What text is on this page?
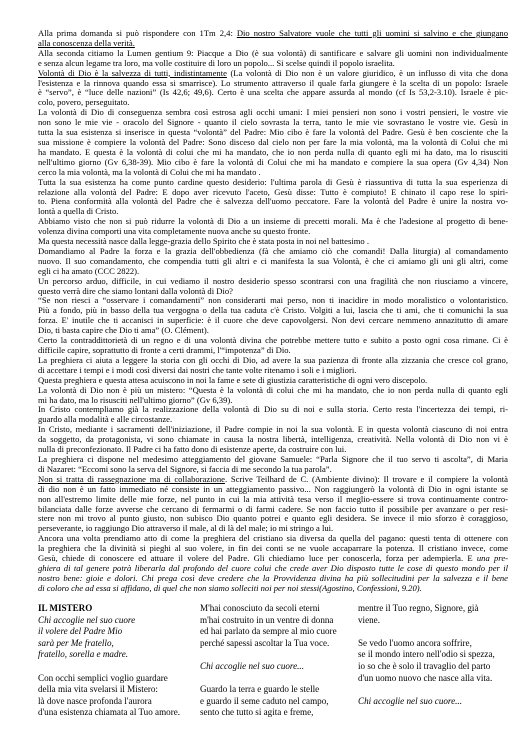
Alla prima domanda si può rispondere con 1Tm 2,4: Dio nostro Salvatore vuole che tutti gli uomini si salvino e che giungano
alla conoscenza della verità.
Alla seconda citiamo la Lumen gentium 9: Piacque a Dio (è sua volontà) di santificare e salvare gli uomini non individualmente
e senza alcun legame tra loro, ma volle costituire di loro un popolo... Si scelse quindi il popolo israelita.
Volontà di Dio è la salvezza di tutti, indistintamente (La volontà di Dio non è un valore giuridico, è un influsso di vita che dona
l'esistenza e la rinnova quando essa si smarrisce). Lo strumento attraverso il quale farla giungere è la scelta di un popolo: Israele
è “servo”, è “luce delle nazioni” (Is 42,6; 49,6). Certo è una scelta che appare assurda al mondo (cf Is 53,2-3.10). Israele è pic-
colo, povero, perseguitato.
La volontà di Dio di conseguenza sembra così estrosa agli occhi umani: I miei pensieri non sono i vostri pensieri, le vostre vie
non sono le mie vie - oracolo del Signore - quanto il cielo sovrasta la terra, tanto le mie vie sovrastano le vostre vie. Gesù in
tutta la sua esistenza si inserisce in questa “volontà” del Padre: Mio cibo è fare la volontà del Padre. Gesù è ben cosciente che la
sua missione è compiere la volontà del Padre: Sono disceso dal cielo non per fare la mia volontà, ma la volontà di Colui che mi
ha mandato. E questa è la volontà di colui che mi ha mandato, che io non perda nulla di quanto egli mi ha dato, ma lo risusciti
nell'ultimo giorno (Gv 6,38-39). Mio cibo è fare la volontà di Colui che mi ha mandato e compiere la sua opera (Gv 4,34) Non
cerco la mia volontà, ma la volontà di Colui che mi ha mandato .
Tutta la sua esistenza ha come punto cardine questo desiderio: l'ultima parola di Gesù è riassuntiva di tutta la sua esperienza di
relazione alla volontà del Padre: E dopo aver ricevuto l'aceto, Gesù disse: Tutto è compiuto! E chinato il capo rese lo spiri-
to. Piena conformità alla volontà del Padre che è salvezza dell'uomo peccatore. Fare la volontà del Padre è unire la nostra vo-
lontà a quella di Cristo.
Abbiamo visto che non si può ridurre la volontà di Dio a un insieme di precetti morali. Ma è che l'adesione al progetto di bene-
volenza divina comporti una vita completamente nuova anche su questo fronte.
Ma questa necessità nasce dalla legge-grazia dello Spirito che è stata posta in noi nel battesimo .
Domandiamo al Padre la forza e la grazia dell'obbedienza (fà che amiamo ciò che comandi! Dalla liturgia) al comandamento
nuovo. Il suo comandamento, che compendia tutti gli altri e ci manifesta la sua Volontà, è che ci amiamo gli uni gli altri, come
egli ci ha amato (CCC 2822).
Un percorso arduo, difficile, in cui vediamo il nostro desiderio spesso scontrarsi con una fragilità che non riusciamo a vincere,
questo verrà dire che siamo lontani dalla volontà di Dio?
“Se non riesci a “osservare i comandamenti” non considerarti mai perso, non ti inacidire in modo moralistico o volontaristico.
Più a fondo, più in basso della tua vergogna o della tua caduta c'è Cristo. Volgiti a lui, lascia che ti ami, che ti comunichi la sua
forza. E' inutile che ti accanisci in superficie: è il cuore che deve capovolgersi. Non devi cercare nemmeno annazitutto di amare
Dio, ti basta capire che Dio ti ama” (O. Clément).
Certo la contraddittorietà di un regno e di una volontà divina che potrebbe mettere tutto e subito a posto ogni cosa rimane. Ci è
difficile capire, soprattutto di fronte a certi drammi, l'“impotenza” di Dio.
La preghiera ci aiuta a leggere la storia con gli occhi di Dio, ad avere la sua pazienza di fronte alla zizzania che cresce col grano,
di accettare i tempi e i modi così diversi dai nostri che tante volte ritenamo i soli e i migliori.
Questa preghiera e questa attesa acuiscono in noi la fame e sete di giustizia caratteristiche di ogni vero discepolo.
La volontà di Dio non è più un mistero: “Questa è la volontà di colui che mi ha mandato, che io non perda nulla di quanto egli
mi ha dato, ma lo risusciti nell'ultimo giorno” (Gv 6,39).
In Cristo contempliamo già la realizzazione della volontà di Dio su di noi e sulla storia. Certo resta l'incertezza dei tempi, ri-
guardo alla modalità e alle circostanze.
In Cristo, mediante i sacramenti dell'iniziazione, il Padre compie in noi la sua volontà. E in questa volontà ciascuno di noi entra
da soggetto, da protagonista, vi sono chiamate in causa la nostra libertà, intelligenza, creatività. Nella volontà di Dio non vi è
nulla di preconfezionato. Il Padre ci ha fatto dono di esistenze aperte, da costruire con lui.
La preghiera ci dispone nel medesimo atteggiamento del giovane Samuele: “Parla Signore che il tuo servo ti ascolta”, di Maria
di Nazaret: “Eccomi sono la serva del Signore, si faccia di me secondo la tua parola”.
Non si tratta di rassegnazione ma di collaborazione. Scrive Teilhard de C. (Ambiente divino): Il trovare e il compiere la volontà
di dio non è un fatto immediato né consiste in un atteggiamento passivo... Non raggiungerò la volontà di Dio in ogni istante se
non all'estremo limite delle mie forze, nel punto in cui la mia attività tesa verso il meglio-essere si trova continuamente contro-
bilanciata dalle forze avverse che cercano di fermarmi o di farmi cadere. Se non faccio tutto il possibile per avanzare o per resi-
stere non mi trovo al punto giusto, non subisco Dio quanto potrei e quanto egli desidera. Se invece il mio sforzo è coraggioso,
perseverante, io raggiungo Dio attraverso il male, al di là del male; io mi stringo a lui.
Ancora una volta prendiamo atto di come la preghiera del cristiano sia diversa da quella del pagano: questi tenta di ottenere con
la preghiera che la divinità si pieghi al suo volere, in fin dei conti se ne vuole accaparrare la potenza. Il cristiano invece, come
Gesù, chiede di conoscere ed attuare il volere del Padre. Gli chiediamo luce per conoscerla, forza per adempierla. E una pre-
ghiera di tal genere potrà liberarla dal profondo del cuore colui che crede aver Dio disposto tutte le cose di questo mondo per il
nostro bene: gioie e dolori. Chi prega così deve credere che la Provvidenza divina ha più sollecitudini per la salvezza e il bene
di coloro che ad essa si affidano, di quel che non siamo solleciti noi per noi stessi(Agostino, Confessioni, 9.20).
IL MISTERO
Chi accoglie nel suo cuore
il volere del Padre Mio
sarà per Me fratello,
fratello, sorella e madre.
Con occhi semplici voglio guardare
della mia vita svelarsi il Mistero:
là dove nasce profonda l'aurora
d'una esistenza chiamata al Tuo amore.
M'hai conosciuto da secoli eterni
m'hai costruito in un ventre di donna
ed hai parlato da sempre al mio cuore
perché sapessi ascoltar la Tua voce.
Chi accoglie nel suo cuore...
Guardo la terra e guardo le stelle
e guardo il seme caduto nel campo,
sento che tutto si agita e freme,
mentre il Tuo regno, Signore, già
viene.
Se vedo l'uomo ancora soffrire,
se il mondo intero nell'odio si spezza,
io so che è solo il travaglio del parto
d'un uomo nuovo che nasce alla vita.
Chi accoglie nel suo cuore...
